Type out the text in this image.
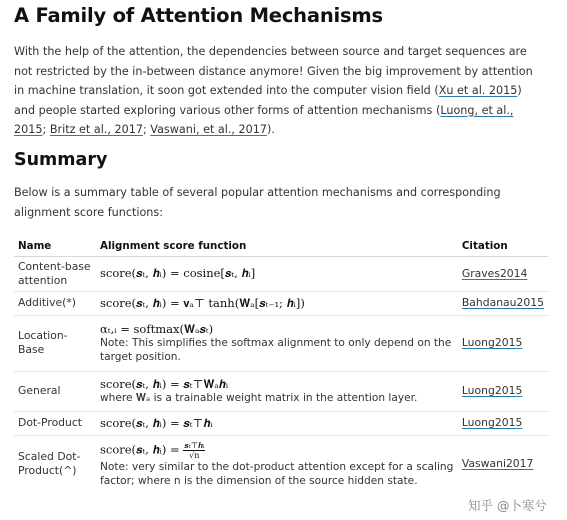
A Family of Attention Mechanisms

With the help of the attention, the dependencies between source and target sequences are not restricted by the in-between distance anymore! Given the big improvement by attention in machine translation, it soon got extended into the computer vision field (Xu et al. 2015) and people started exploring various other forms of attention mechanisms (Luong, et al., 2015; Britz et al., 2017; Vaswani, et al., 2017).

Summary

Below is a summary table of several popular attention mechanisms and corresponding alignment score functions:

Name	Alignment score function	Citation
Content-base attention	score(𝒔ₜ, 𝒉ᵢ) = cosine[𝒔ₜ, 𝒉ᵢ]	Graves2014
Additive(*)	score(𝒔ₜ, 𝒉ᵢ) = 𝐯ₐ⊤ tanh(𝐖ₐ[𝒔ₜ₋₁; 𝒉ᵢ])	Bahdanau2015
Location-Base	αₜ,ᵢ = softmax(𝐖ₐ𝒔ₜ)
Note: This simplifies the softmax alignment to only depend on the target position.	Luong2015
General	score(𝒔ₜ, 𝒉ᵢ) = 𝒔ₜ⊤𝐖ₐ𝒉ᵢ
where 𝐖ₐ is a trainable weight matrix in the attention layer.	Luong2015
Dot-Product	score(𝒔ₜ, 𝒉ᵢ) = 𝒔ₜ⊤𝒉ᵢ	Luong2015
Scaled Dot-Product(^)	score(𝒔ₜ, 𝒉ᵢ) = $\frac{\text{𝒔ₜ⊤𝒉ᵢ}}{√n}$
Note: very similar to the dot-product attention except for a scaling factor; where n is the dimension of the source hidden state.	Vaswani2017
知乎 @卜寒兮
